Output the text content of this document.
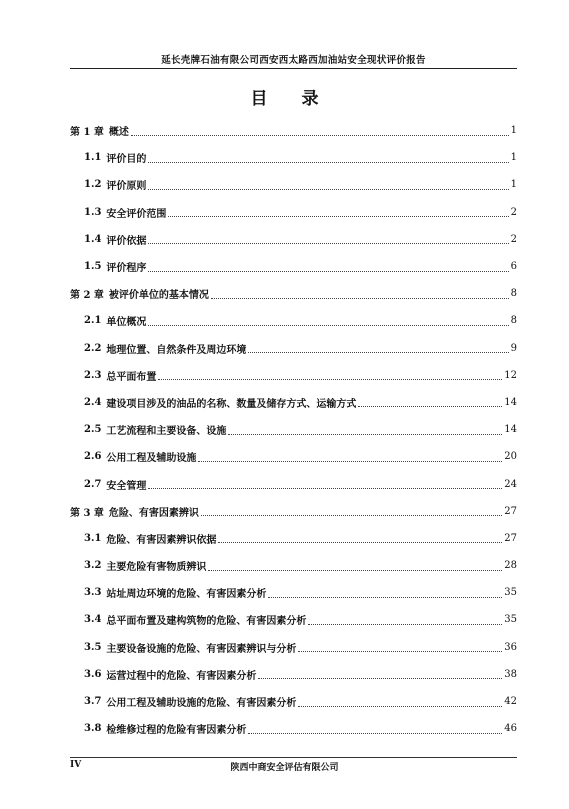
延长壳牌石油有限公司西安西太路西加油站安全现状评价报告
目 录
第 1 章 概述	1
1.1 评价目的	1
1.2 评价原则	1
1.3 安全评价范围	2
1.4 评价依据	2
1.5 评价程序	6
第 2 章 被评价单位的基本情况	8
2.1 单位概况	8
2.2 地理位置、自然条件及周边环境	9
2.3 总平面布置	12
2.4 建设项目涉及的油品的名称、数量及储存方式、运输方式	14
2.5 工艺流程和主要设备、设施	14
2.6 公用工程及辅助设施	20
2.7 安全管理	24
第 3 章 危险、有害因素辨识	27
3.1 危险、有害因素辨识依据	27
3.2 主要危险有害物质辨识	28
3.3 站址周边环境的危险、有害因素分析	35
3.4 总平面布置及建构筑物的危险、有害因素分析	35
3.5 主要设备设施的危险、有害因素辨识与分析	36
3.6 运营过程中的危险、有害因素分析	38
3.7 公用工程及辅助设施的危险、有害因素分析	42
3.8 检维修过程的危险有害因素分析	46
IV	陕西中商安全评估有限公司
